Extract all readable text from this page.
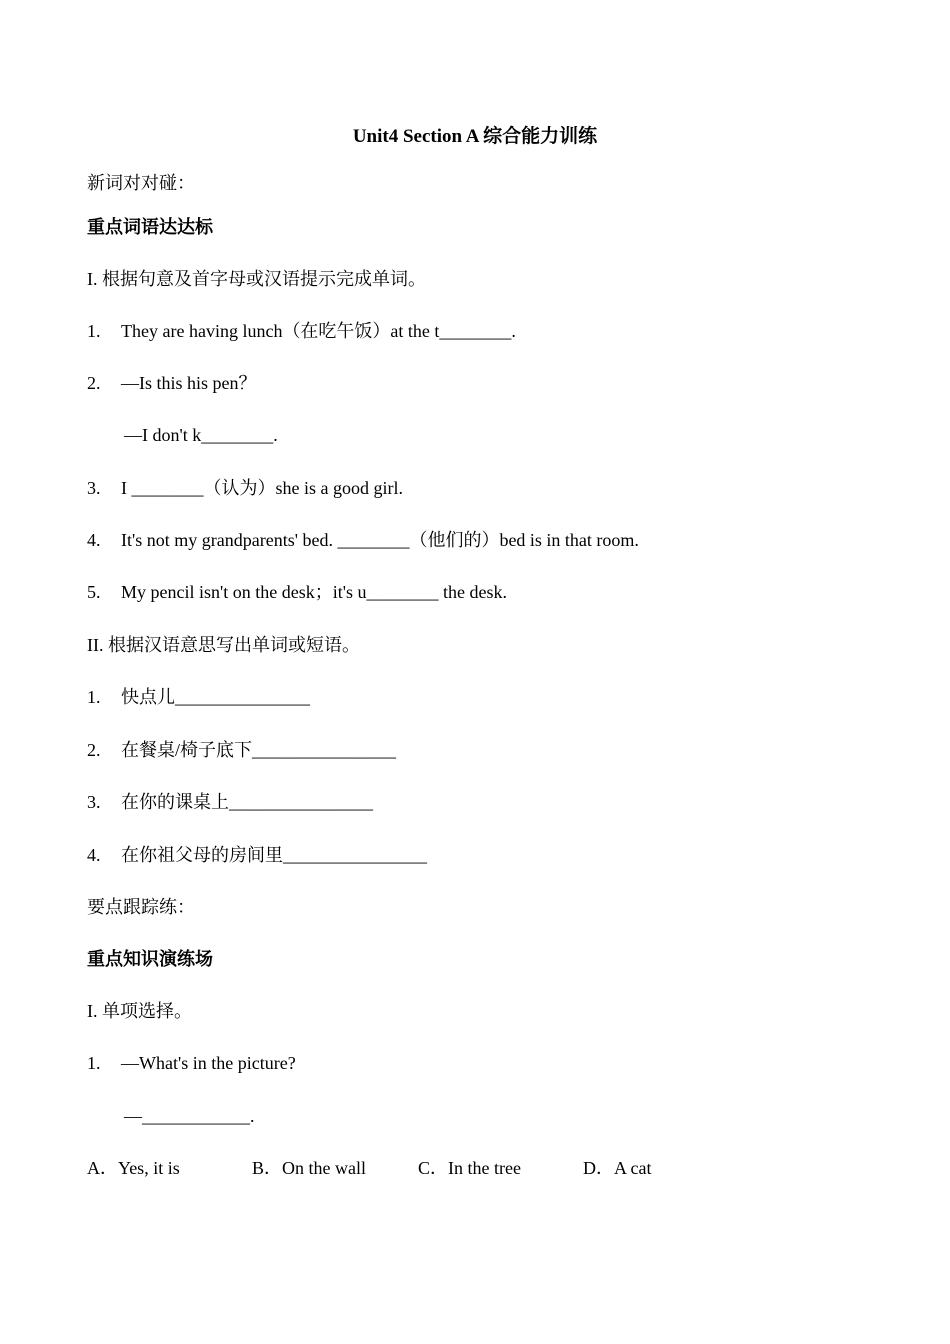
Unit4 Section A 综合能力训练
新词对对碰：
重点词语达达标
I. 根据句意及首字母或汉语提示完成单词。
1. They are having lunch（在吃午饭）at the t________.
2. —Is this his pen？
—I don't k________.
3. I ________（认为）she is a good girl.
4. It's not my grandparents' bed. ________（他们的）bed is in that room.
5. My pencil isn't on the desk；it's u________ the desk.
II. 根据汉语意思写出单词或短语。
1. 快点儿_______________
2. 在餐桌/椅子底下________________
3. 在你的课桌上________________
4. 在你祖父母的房间里________________
要点跟踪练：
重点知识演练场
I. 单项选择。
1. —What's in the picture?
—____________.
A．Yes, it is	B．On the wall	C．In the tree	D．A cat
